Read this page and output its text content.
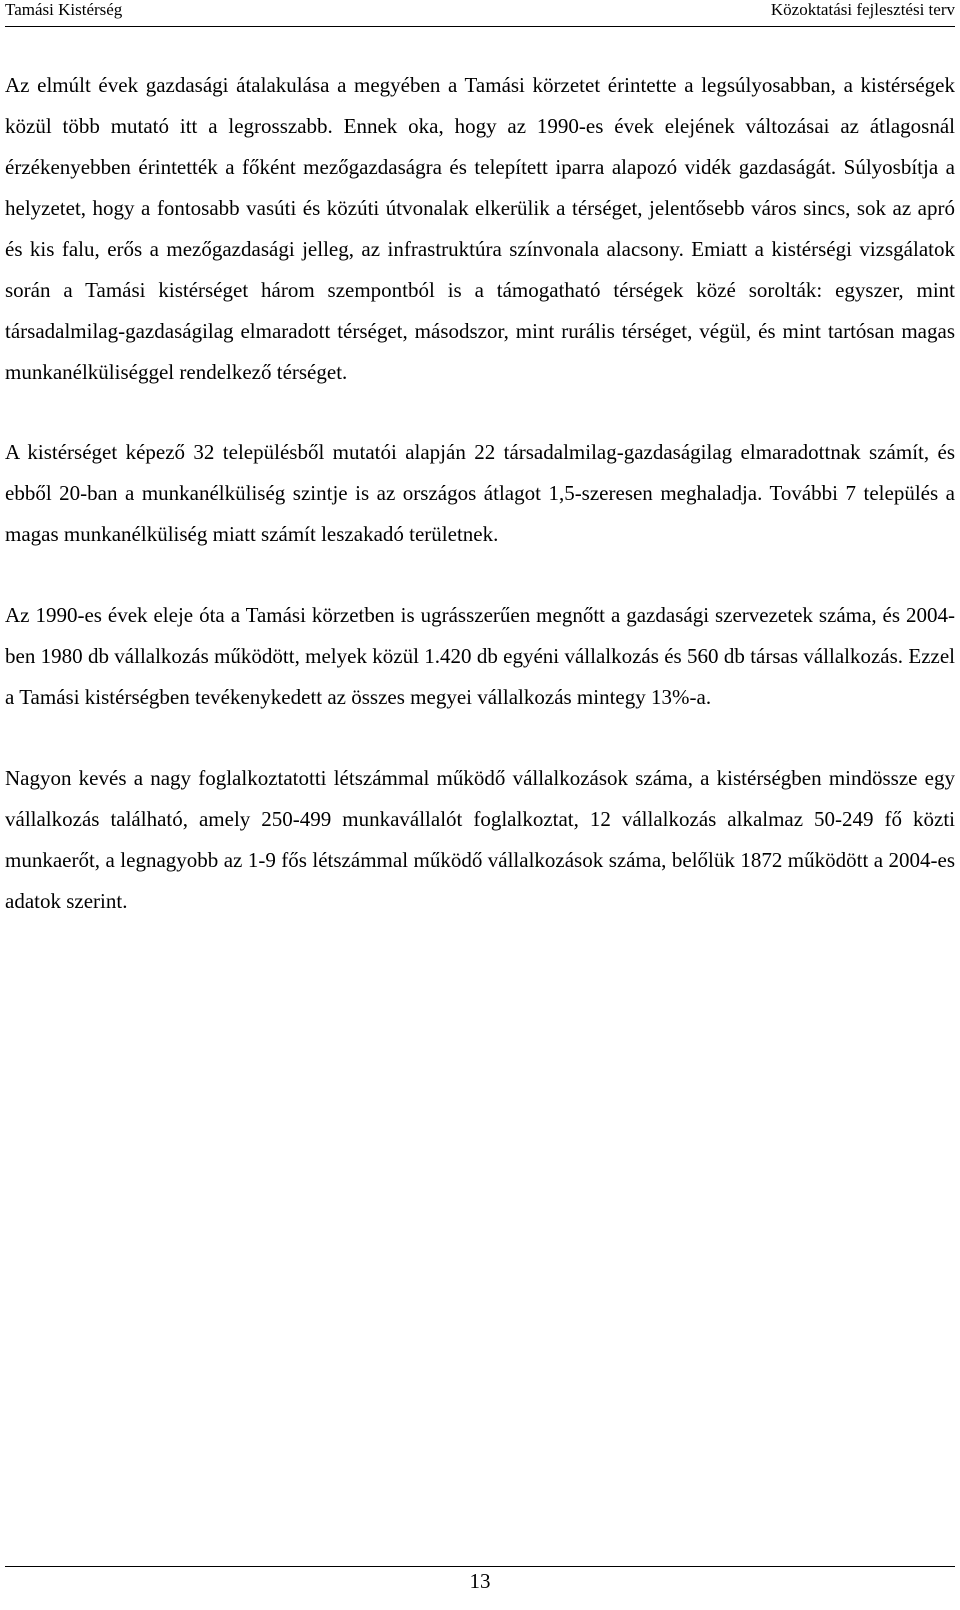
Tamási Kistérség	Közoktatási fejlesztési terv

Az elmúlt évek gazdasági átalakulása a megyében a Tamási körzetet érintette a legsúlyosabban, a kistérségek közül több mutató itt a legrosszabb. Ennek oka, hogy az 1990-es évek elejének változásai az átlagosnál érzékenyebben érintették a főként mezőgazdaságra és telepített iparra alapozó vidék gazdaságát. Súlyosbítja a helyzetet, hogy a fontosabb vasúti és közúti útvonalak elkerülik a térséget, jelentősebb város sincs, sok az apró és kis falu, erős a mezőgazdasági jelleg, az infrastruktúra színvonala alacsony. Emiatt a kistérségi vizsgálatok során a Tamási kistérséget három szempontból is a támogatható térségek közé sorolták: egyszer, mint társadalmilag-gazdaságilag elmaradott térséget, másodszor, mint rurális térséget, végül, és mint tartósan magas munkanélküliséggel rendelkező térséget.

A kistérséget képező 32 településből mutatói alapján 22 társadalmilag-gazdaságilag elmaradottnak számít, és ebből 20-ban a munkanélküliség szintje is az országos átlagot 1,5-szeresen meghaladja. További 7 település a magas munkanélküliség miatt számít leszakadó területnek.

Az 1990-es évek eleje óta a Tamási körzetben is ugrásszerűen megnőtt a gazdasági szervezetek száma, és 2004-ben 1980 db vállalkozás működött, melyek közül 1.420 db egyéni vállalkozás és 560 db társas vállalkozás. Ezzel a Tamási kistérségben tevékenykedett az összes megyei vállalkozás mintegy 13%-a.

Nagyon kevés a nagy foglalkoztatotti létszámmal működő vállalkozások száma, a kistérségben mindössze egy vállalkozás található, amely 250-499 munkavállalót foglalkoztat, 12 vállalkozás alkalmaz 50-249 fő közti munkaerőt, a legnagyobb az 1-9 fős létszámmal működő vállalkozások száma, belőlük 1872 működött a 2004-es adatok szerint.

13
